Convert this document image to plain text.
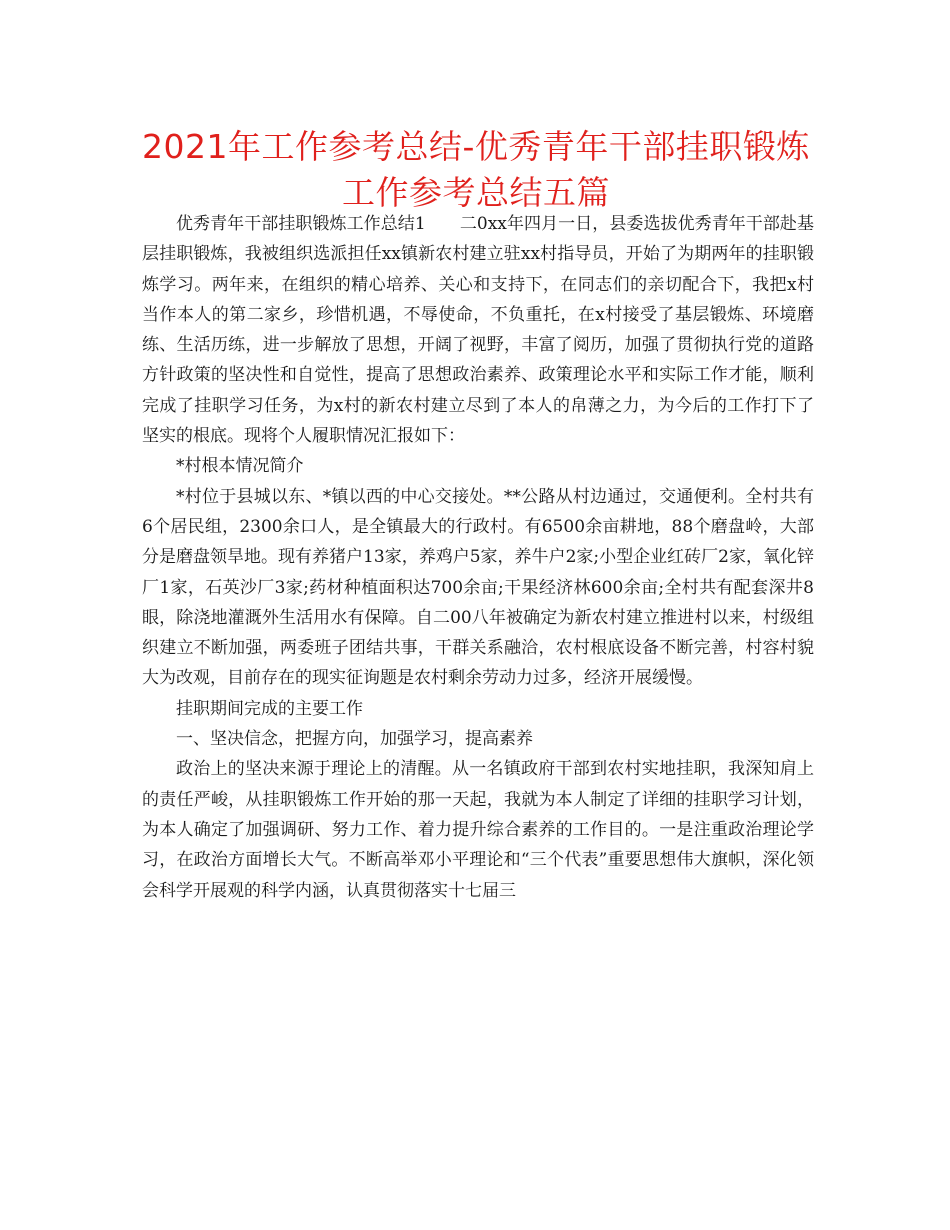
2021年工作参考总结-优秀青年干部挂职锻炼工作参考总结五篇

优秀青年干部挂职锻炼工作总结1　　二0xx年四月一日，县委选拔优秀青年干部赴基层挂职锻炼，我被组织选派担任xx镇新农村建立驻xx村指导员，开始了为期两年的挂职锻炼学习。两年来，在组织的精心培养、关心和支持下，在同志们的亲切配合下，我把x村当作本人的第二家乡，珍惜机遇，不辱使命，不负重托，在x村接受了基层锻炼、环境磨练、生活历练，进一步解放了思想，开阔了视野，丰富了阅历，加强了贯彻执行党的道路方针政策的坚决性和自觉性，提高了思想政治素养、政策理论水平和实际工作才能，顺利完成了挂职学习任务，为x村的新农村建立尽到了本人的帛薄之力，为今后的工作打下了坚实的根底。现将个人履职情况汇报如下：

*村根本情况简介

*村位于县城以东、*镇以西的中心交接处。**公路从村边通过，交通便利。全村共有6个居民组，2300余口人，是全镇最大的行政村。有6500余亩耕地，88个磨盘岭，大部分是磨盘领旱地。现有养猪户13家，养鸡户5家，养牛户2家;小型企业红砖厂2家，氧化锌厂1家，石英沙厂3家;药材种植面积达700余亩;干果经济林600余亩;全村共有配套深井8眼，除浇地灌溉外生活用水有保障。自二00八年被确定为新农村建立推进村以来，村级组织建立不断加强，两委班子团结共事，干群关系融洽，农村根底设备不断完善，村容村貌大为改观，目前存在的现实征询题是农村剩余劳动力过多，经济开展缓慢。

挂职期间完成的主要工作

一、坚决信念，把握方向，加强学习，提高素养

政治上的坚决来源于理论上的清醒。从一名镇政府干部到农村实地挂职，我深知肩上的责任严峻，从挂职锻炼工作开始的那一天起，我就为本人制定了详细的挂职学习计划，为本人确定了加强调研、努力工作、着力提升综合素养的工作目的。一是注重政治理论学习，在政治方面增长大气。不断高举邓小平理论和“三个代表”重要思想伟大旗帜，深化领会科学开展观的科学内涵，认真贯彻落实十七届三
